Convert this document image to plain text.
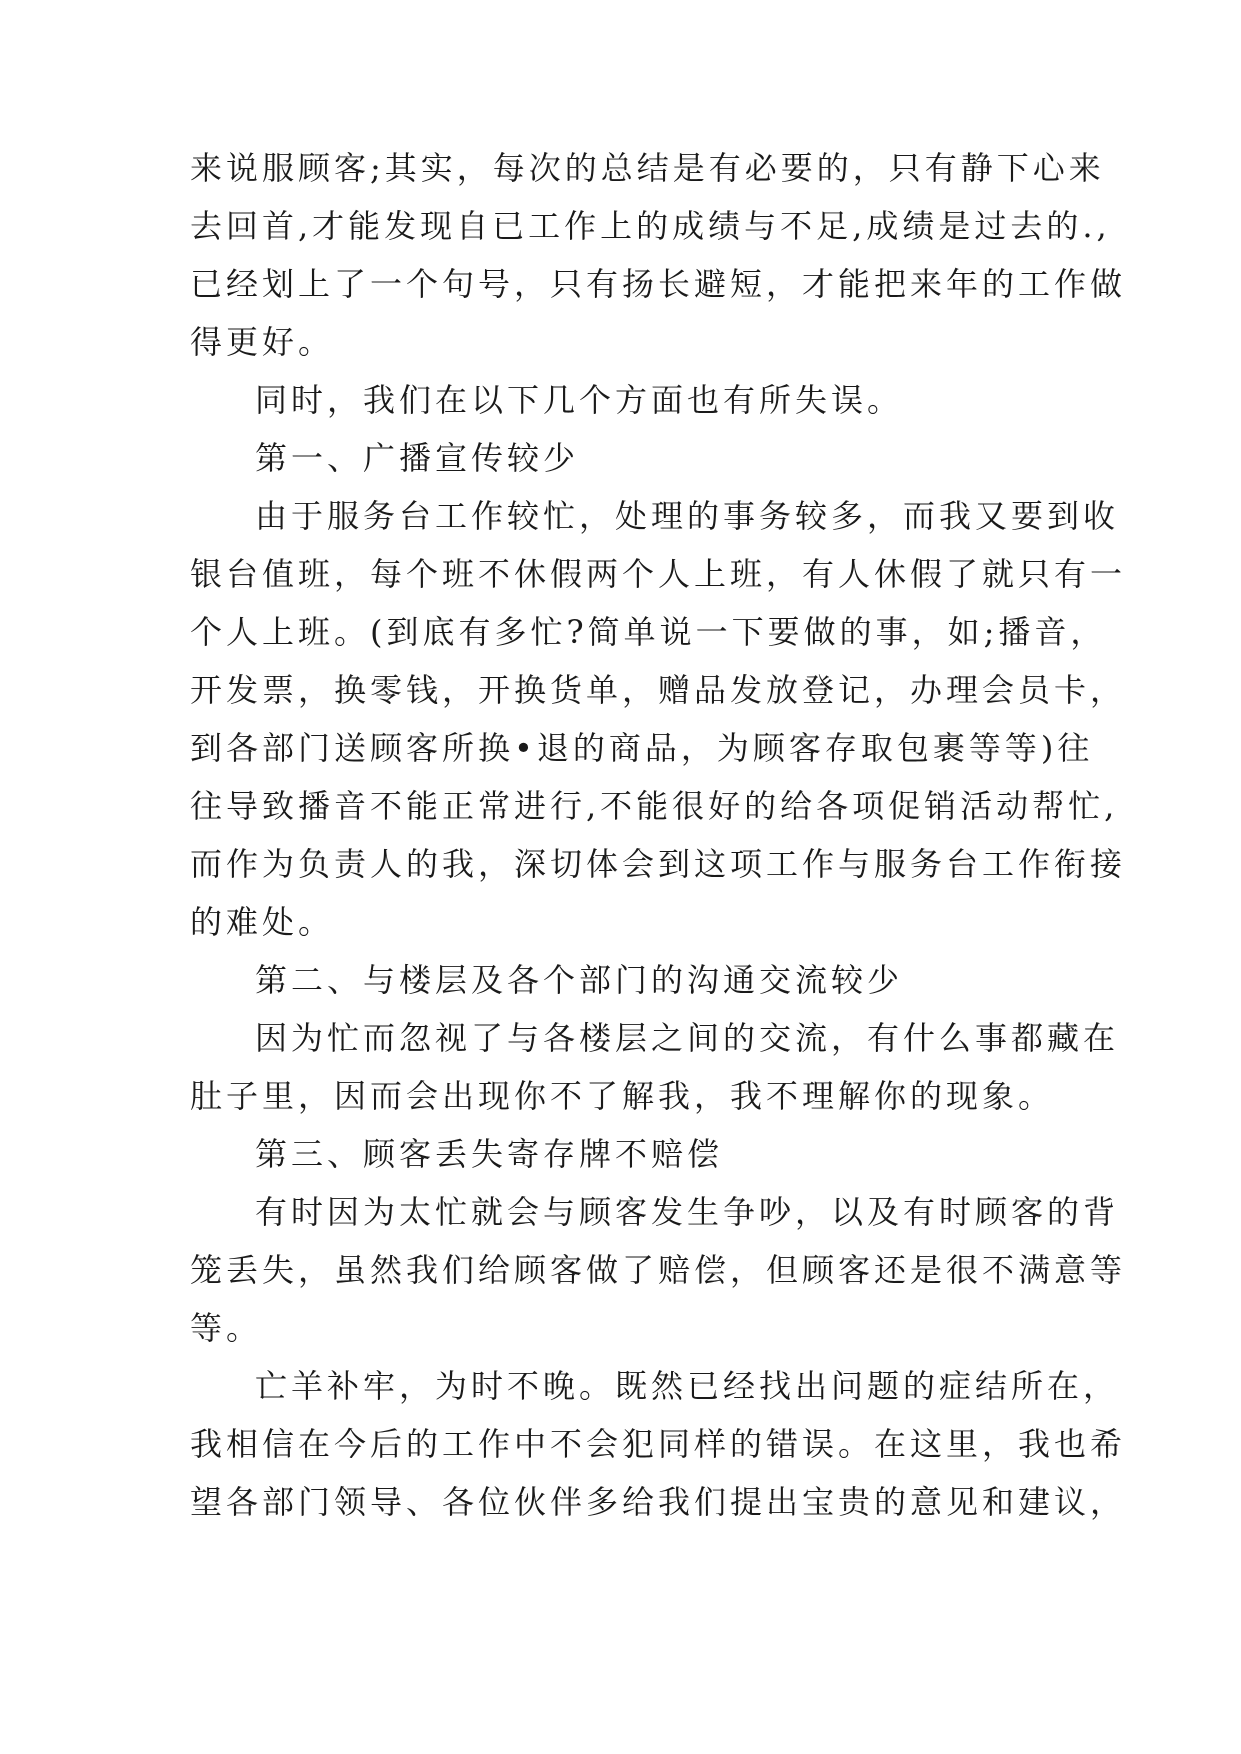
来说服顾客;其实，每次的总结是有必要的，只有静下心来
去回首,才能发现自已工作上的成绩与不足,成绩是过去的.,
已经划上了一个句号，只有扬长避短，才能把来年的工作做
得更好。
同时，我们在以下几个方面也有所失误。
第一、广播宣传较少
由于服务台工作较忙，处理的事务较多，而我又要到收
银台值班，每个班不休假两个人上班，有人休假了就只有一
个人上班。(到底有多忙?简单说一下要做的事，如;播音，
开发票，换零钱，开换货单，赠品发放登记，办理会员卡，
到各部门送顾客所换•退的商品，为顾客存取包裹等等)往
往导致播音不能正常进行,不能很好的给各项促销活动帮忙,
而作为负责人的我，深切体会到这项工作与服务台工作衔接
的难处。
第二、与楼层及各个部门的沟通交流较少
因为忙而忽视了与各楼层之间的交流，有什么事都藏在
肚子里，因而会出现你不了解我，我不理解你的现象。
第三、顾客丢失寄存牌不赔偿
有时因为太忙就会与顾客发生争吵，以及有时顾客的背
笼丢失，虽然我们给顾客做了赔偿，但顾客还是很不满意等
等。
亡羊补牢，为时不晚。既然已经找出问题的症结所在，
我相信在今后的工作中不会犯同样的错误。在这里，我也希
望各部门领导、各位伙伴多给我们提出宝贵的意见和建议，
